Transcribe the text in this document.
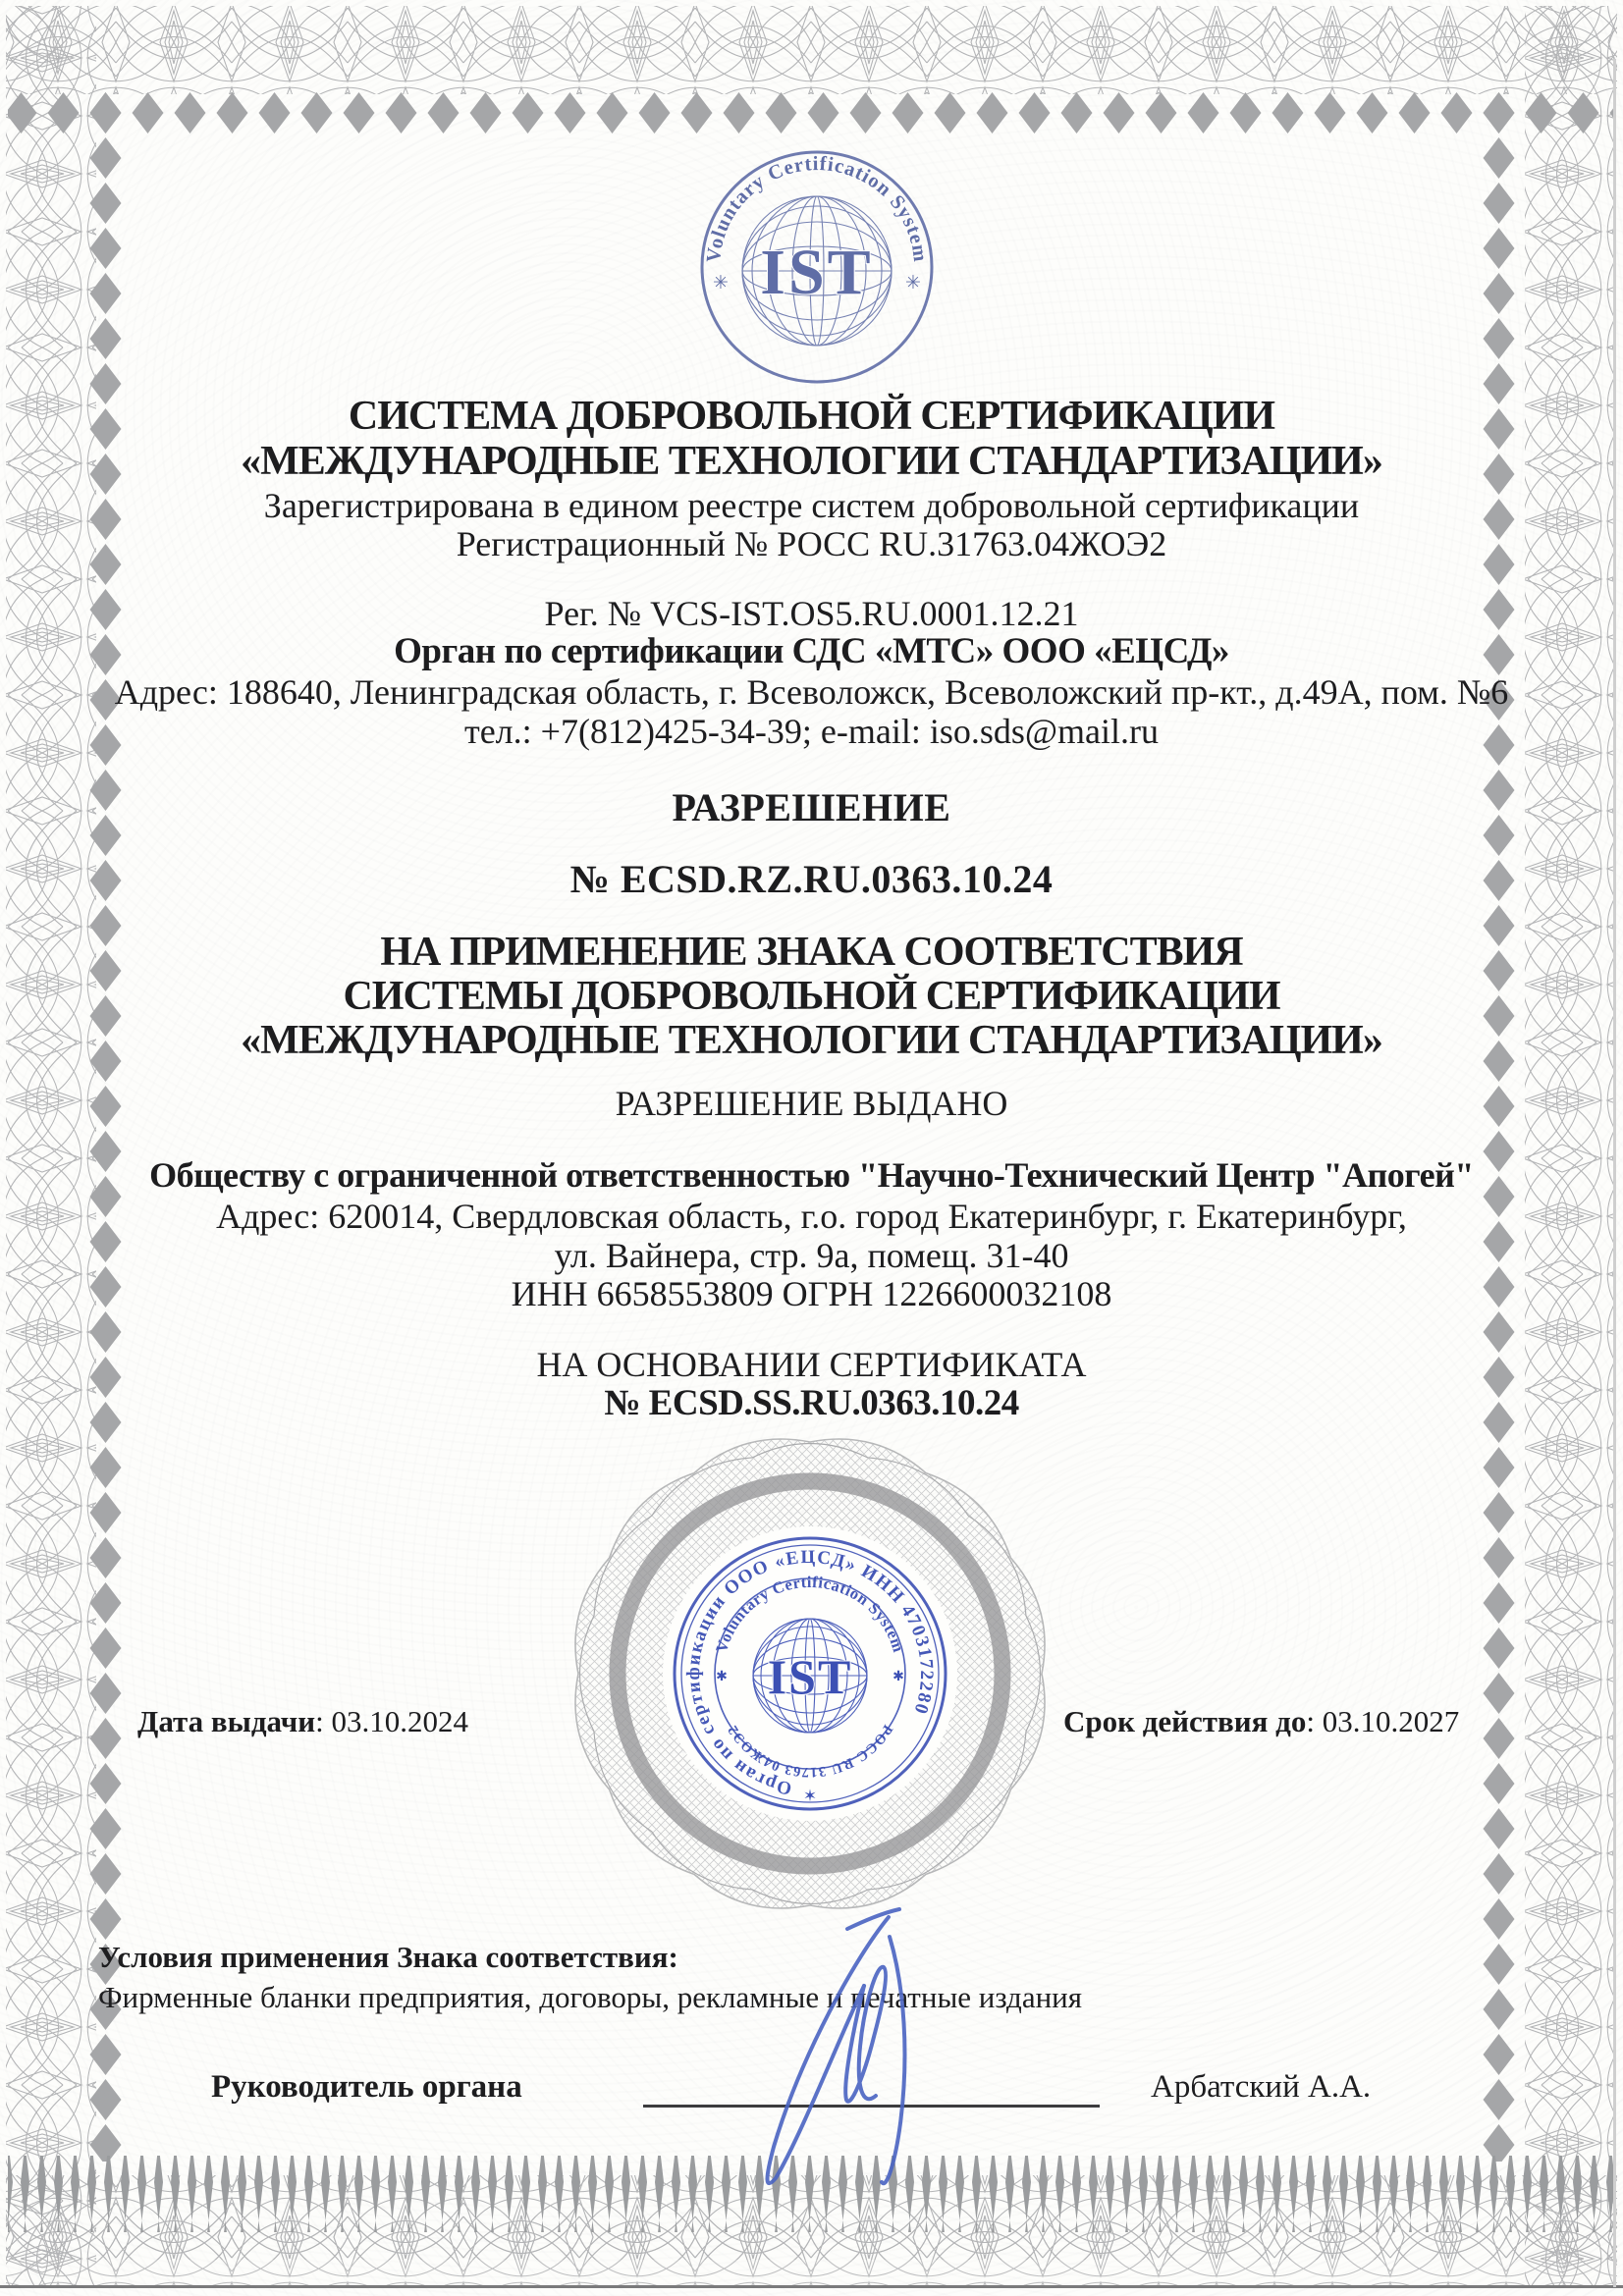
Voluntary Certification System
✳	✳
IST
СИСТЕМА ДОБРОВОЛЬНОЙ СЕРТИФИКАЦИИ
«МЕЖДУНАРОДНЫЕ ТЕХНОЛОГИИ СТАНДАРТИЗАЦИИ»
Зарегистрирована в едином реестре систем добровольной сертификации
Регистрационный № РОСС RU.31763.04ЖОЭ2
Рег. № VCS-IST.OS5.RU.0001.12.21
Орган по сертификации СДС «МТС» ООО «ЕЦСД»
Адрес: 188640, Ленинградская область, г. Всеволожск, Всеволожский пр-кт., д.49А, пом. №6
тел.: +7(812)425-34-39; e-mail: iso.sds@mail.ru
РАЗРЕШЕНИЕ
№ ECSD.RZ.RU.0363.10.24
НА ПРИМЕНЕНИЕ ЗНАКА СООТВЕТСТВИЯ
СИСТЕМЫ ДОБРОВОЛЬНОЙ СЕРТИФИКАЦИИ
«МЕЖДУНАРОДНЫЕ ТЕХНОЛОГИИ СТАНДАРТИЗАЦИИ»
РАЗРЕШЕНИЕ ВЫДАНО
Обществу с ограниченной ответственностью "Научно-Технический Центр "Апогей"
Адрес: 620014, Свердловская область, г.о. город Екатеринбург, г. Екатеринбург,
ул. Вайнера, стр. 9а, помещ. 31-40
ИНН 6658553809 ОГРН 1226600032108
НА ОСНОВАНИИ СЕРТИФИКАТА
№ ECSD.SS.RU.0363.10.24
Орган по сертификации ООО «ЕЦСД» ИНН 4703172280
Voluntary Certification System
РОСС RU 31763 04ЖОЭ2
✶
✱	✱
IST
Дата выдачи: 03.10.2024	Срок действия до: 03.10.2027
Условия применения Знака соответствия:
Фирменные бланки предприятия, договоры, рекламные и печатные издания
Руководитель органа	Арбатский А.А.
